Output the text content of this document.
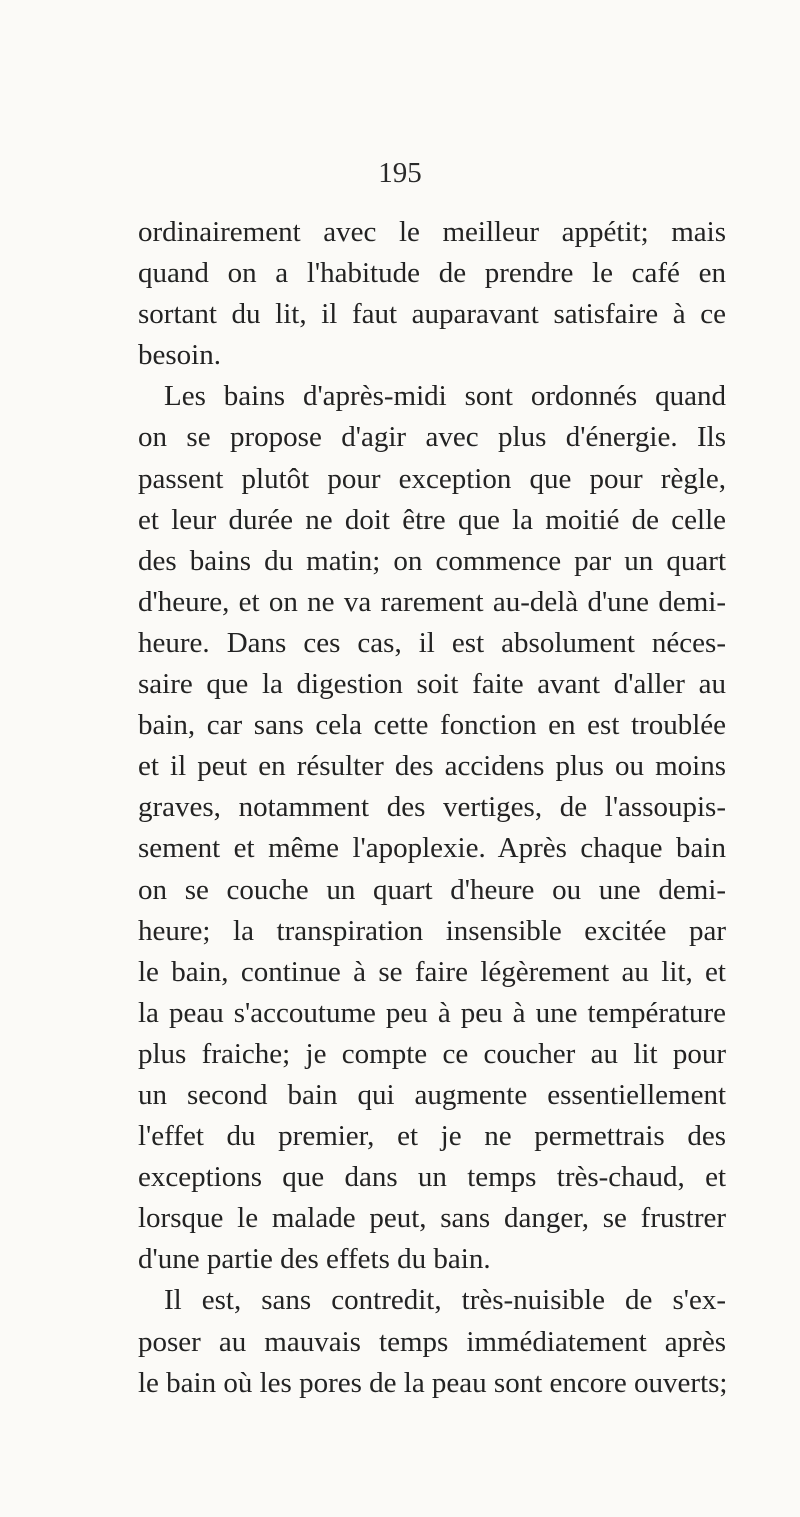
195
ordinairement avec le meilleur appétit; mais
quand on a l'habitude de prendre le café en
sortant du lit, il faut auparavant satisfaire à ce
besoin.
Les bains d'après-midi sont ordonnés quand
on se propose d'agir avec plus d'énergie. Ils
passent plutôt pour exception que pour règle,
et leur durée ne doit être que la moitié de celle
des bains du matin; on commence par un quart
d'heure, et on ne va rarement au-delà d'une demi-
heure. Dans ces cas, il est absolument néces-
saire que la digestion soit faite avant d'aller au
bain, car sans cela cette fonction en est troublée
et il peut en résulter des accidens plus ou moins
graves, notamment des vertiges, de l'assoupis-
sement et même l'apoplexie. Après chaque bain
on se couche un quart d'heure ou une demi-
heure; la transpiration insensible excitée par
le bain, continue à se faire légèrement au lit, et
la peau s'accoutume peu à peu à une température
plus fraiche; je compte ce coucher au lit pour
un second bain qui augmente essentiellement
l'effet du premier, et je ne permettrais des
exceptions que dans un temps très-chaud, et
lorsque le malade peut, sans danger, se frustrer
d'une partie des effets du bain.
Il est, sans contredit, très-nuisible de s'ex-
poser au mauvais temps immédiatement après
le bain où les pores de la peau sont encore ouverts;
